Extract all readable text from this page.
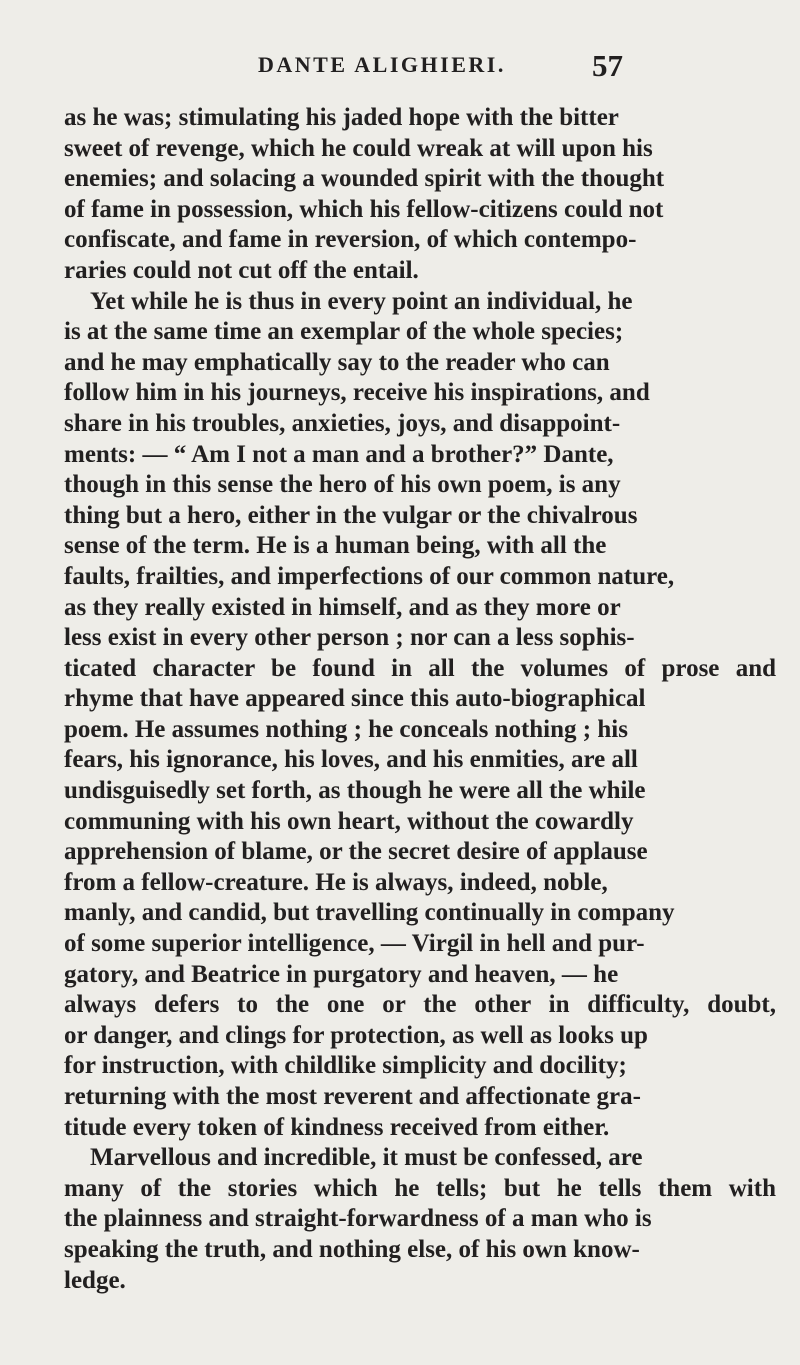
DANTE ALIGHIERI.	57
as he was; stimulating his jaded hope with the bitter
sweet of revenge, which he could wreak at will upon his
enemies; and solacing a wounded spirit with the thought
of fame in possession, which his fellow-citizens could not
confiscate, and fame in reversion, of which contempo-
raries could not cut off the entail.
Yet while he is thus in every point an individual, he
is at the same time an exemplar of the whole species;
and he may emphatically say to the reader who can
follow him in his journeys, receive his inspirations, and
share in his troubles, anxieties, joys, and disappoint-
ments: — “ Am I not a man and a brother?” Dante,
though in this sense the hero of his own poem, is any
thing but a hero, either in the vulgar or the chivalrous
sense of the term. He is a human being, with all the
faults, frailties, and imperfections of our common nature,
as they really existed in himself, and as they more or
less exist in every other person ; nor can a less sophis-
ticated character be found in all the volumes of prose and
rhyme that have appeared since this auto-biographical
poem. He assumes nothing ; he conceals nothing ; his
fears, his ignorance, his loves, and his enmities, are all
undisguisedly set forth, as though he were all the while
communing with his own heart, without the cowardly
apprehension of blame, or the secret desire of applause
from a fellow-creature. He is always, indeed, noble,
manly, and candid, but travelling continually in company
of some superior intelligence, — Virgil in hell and pur-
gatory, and Beatrice in purgatory and heaven, — he
always defers to the one or the other in difficulty, doubt,
or danger, and clings for protection, as well as looks up
for instruction, with childlike simplicity and docility;
returning with the most reverent and affectionate gra-
titude every token of kindness received from either.
Marvellous and incredible, it must be confessed, are
many of the stories which he tells; but he tells them with
the plainness and straight-forwardness of a man who is
speaking the truth, and nothing else, of his own know-
ledge.
